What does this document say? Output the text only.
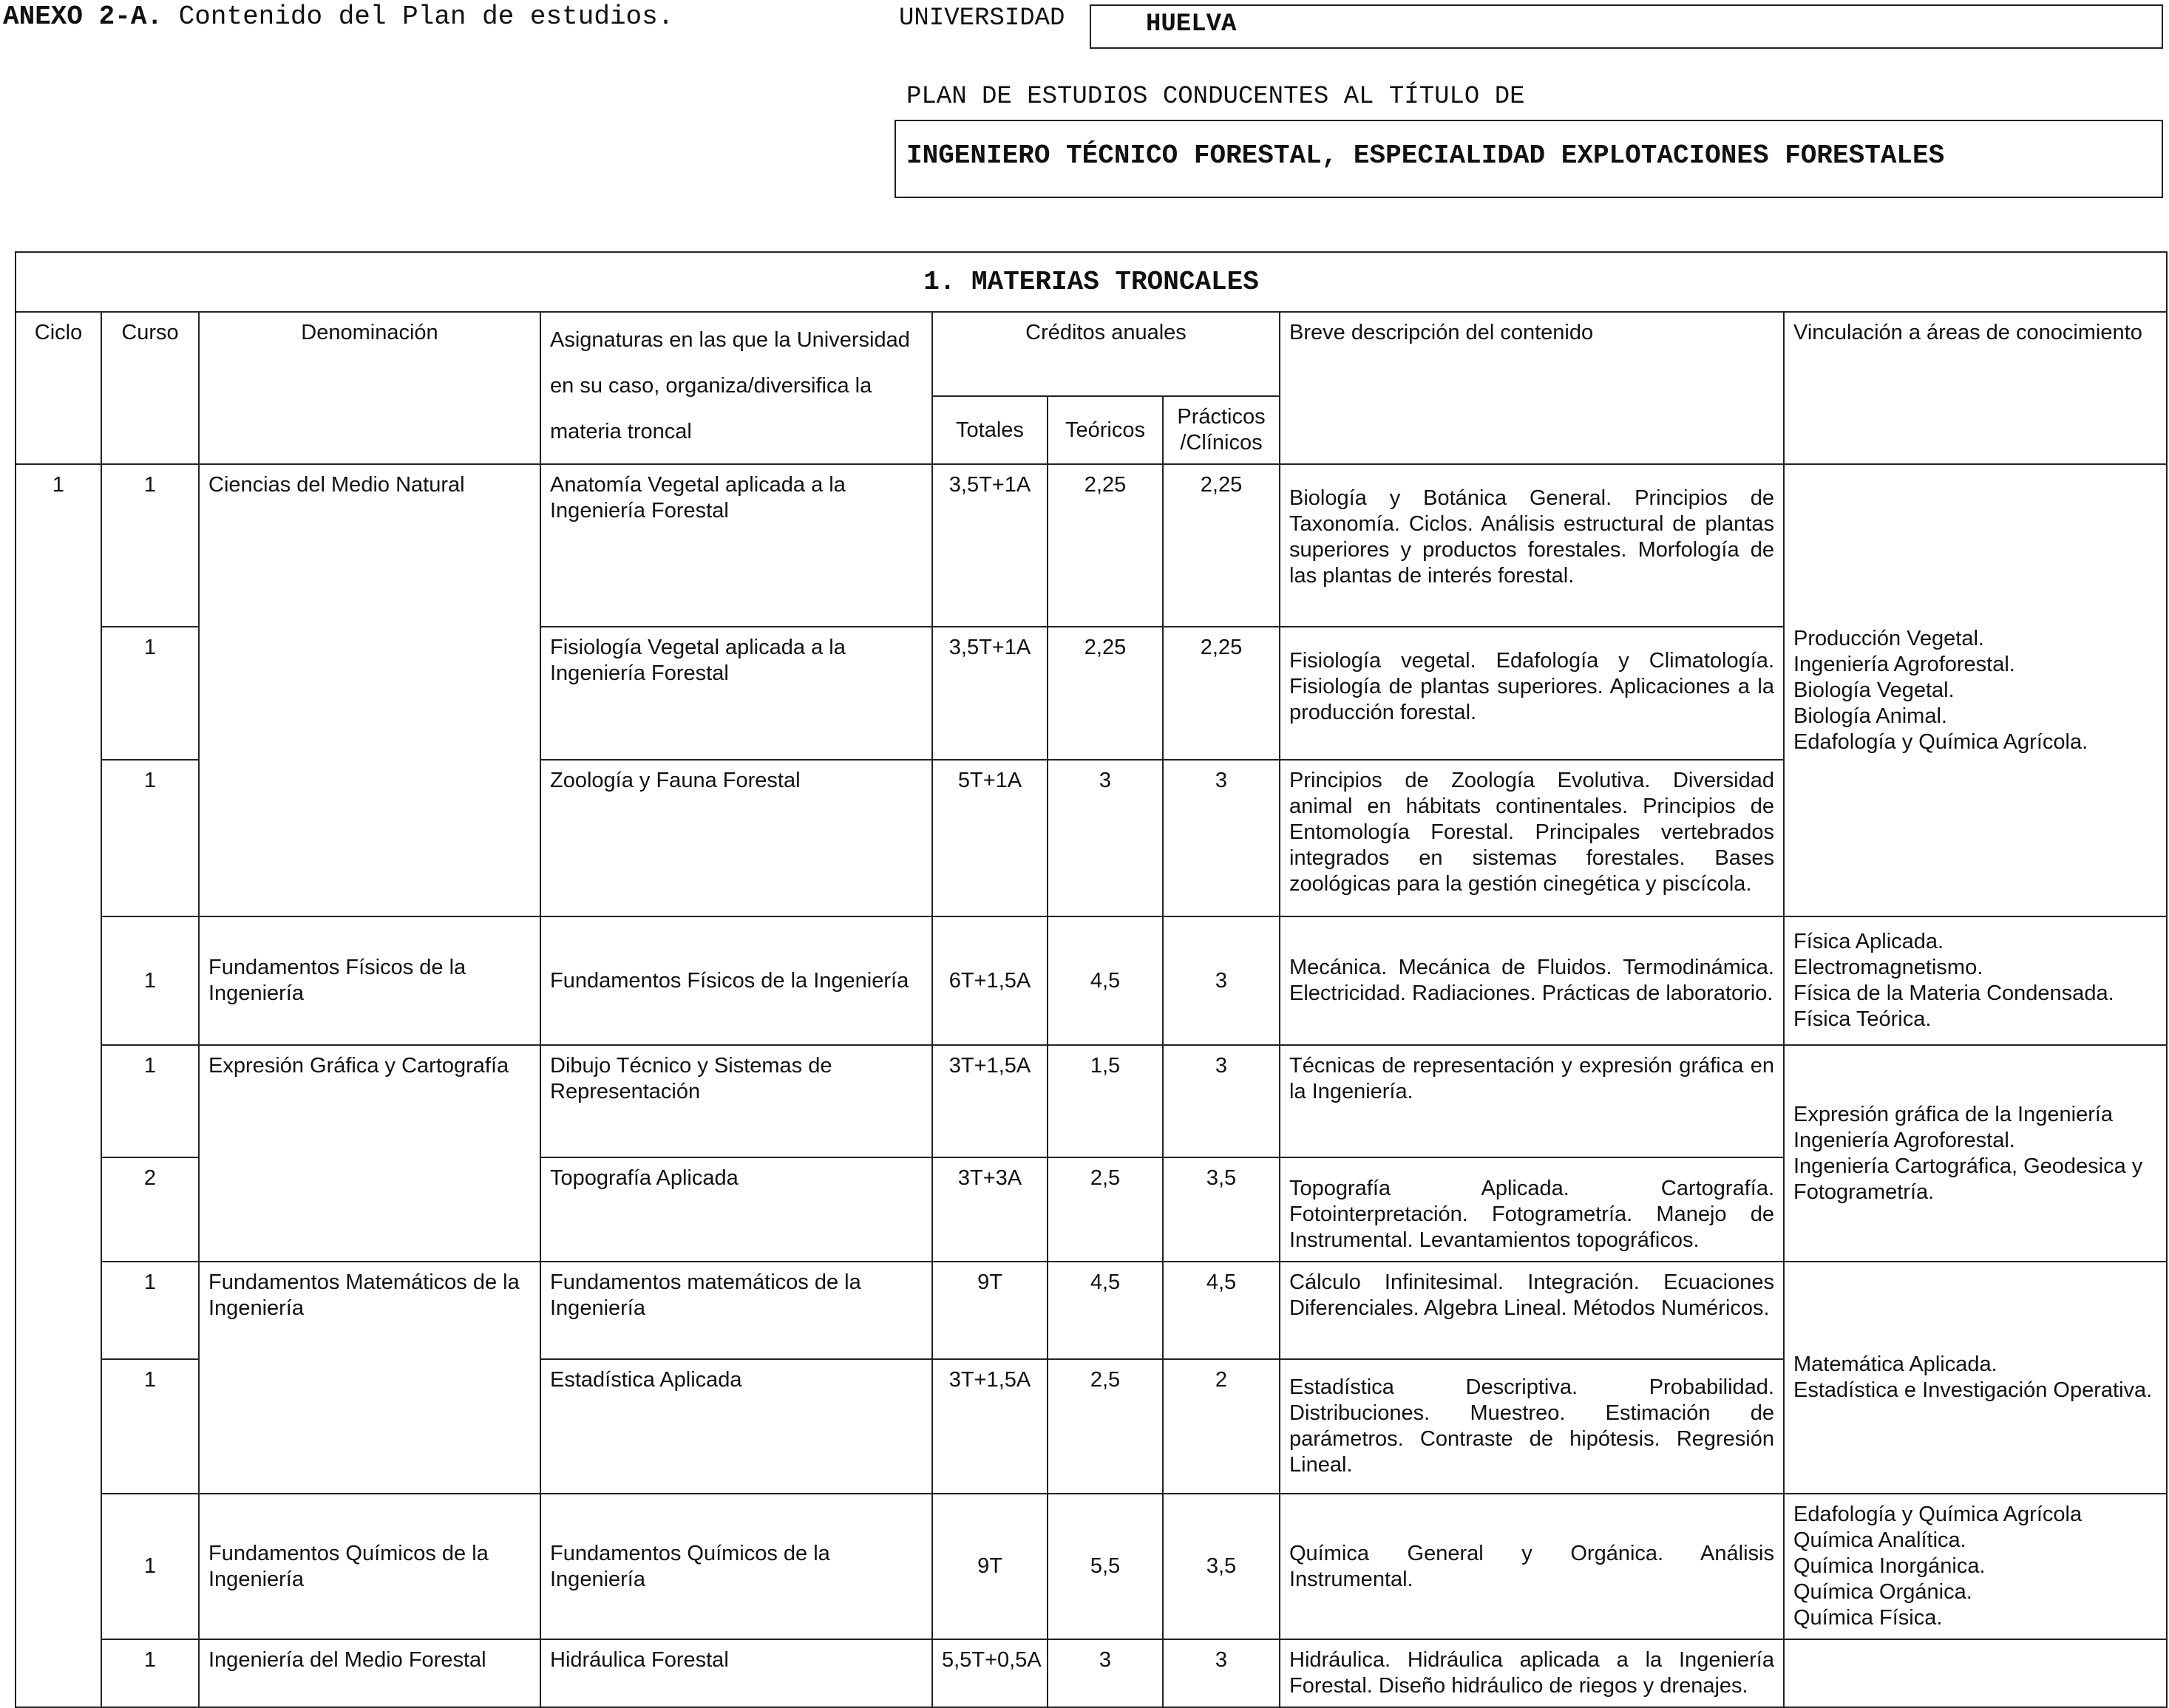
ANEXO 2-A. Contenido del Plan de estudios.	UNIVERSIDAD	HUELVA
PLAN DE ESTUDIOS CONDUCENTES AL TÍTULO DE
INGENIERO TÉCNICO FORESTAL, ESPECIALIDAD EXPLOTACIONES FORESTALES
1. MATERIAS TRONCALES								
Ciclo	Curso	Denominación	Asignaturas en las que la Universidad en su caso, organiza/diversifica la materia troncal	Créditos anuales			Breve descripción del contenido	Vinculación a áreas de conocimiento
				Totales	Teóricos	Prácticos /Clínicos		
1	1	Ciencias del Medio Natural	Anatomía Vegetal aplicada a la Ingeniería Forestal	3,5T+1A	2,25	2,25	Biología y Botánica General. Principios de Taxonomía. Ciclos. Análisis estructural de plantas superiores y productos forestales. Morfología de las plantas de interés forestal.	Producción Vegetal.
Ingeniería Agroforestal.
Biología Vegetal.
Biología Animal.
Edafología y Química Agrícola.

	1		Fisiología Vegetal aplicada a la Ingeniería Forestal	3,5T+1A	2,25	2,25	Fisiología vegetal. Edafología y Climatología. Fisiología de plantas superiores. Aplicaciones a la producción forestal.	
	1		Zoología y Fauna Forestal	5T+1A	3	3	Principios de Zoología Evolutiva. Diversidad animal en hábitats continentales. Principios de Entomología Forestal. Principales vertebrados integrados en sistemas forestales. Bases zoológicas para la gestión cinegética y piscícola.	
	1	Fundamentos Físicos de la Ingeniería	Fundamentos Físicos de la Ingeniería	6T+1,5A	4,5	3	Mecánica. Mecánica de Fluidos. Termodinámica. Electricidad. Radiaciones. Prácticas de laboratorio.	Física Aplicada.
Electromagnetismo.
Física de la Materia Condensada.
Física Teórica.

	1	Expresión Gráfica y Cartografía	Dibujo Técnico y Sistemas de Representación	3T+1,5A	1,5	3	Técnicas de representación y expresión gráfica en la Ingeniería.	Expresión gráfica de la Ingeniería
Ingeniería Agroforestal.
Ingeniería Cartográfica, Geodesica y Fotogrametría.

	2		Topografía Aplicada	3T+3A	2,5	3,5	Topografía Aplicada. Cartografía. Fotointerpretación. Fotogrametría. Manejo de Instrumental. Levantamientos topográficos.	
	1	Fundamentos Matemáticos de la Ingeniería	Fundamentos matemáticos de la Ingeniería	9T	4,5	4,5	Cálculo Infinitesimal. Integración. Ecuaciones Diferenciales. Algebra Lineal. Métodos Numéricos.	Matemática Aplicada.
Estadística e Investigación Operativa.

	1		Estadística Aplicada	3T+1,5A	2,5	2	Estadística Descriptiva. Probabilidad. Distribuciones. Muestreo. Estimación de parámetros. Contraste de hipótesis. Regresión Lineal.	
	1	Fundamentos Químicos de la Ingeniería	Fundamentos Químicos de la Ingeniería	9T	5,5	3,5	Química General y Orgánica. Análisis Instrumental.	Edafología y Química Agrícola
Química Analítica.
Química Inorgánica.
Química Orgánica.
Química Física.

	1	Ingeniería del Medio Forestal	Hidráulica Forestal	5,5T+0,5A	3	3	Hidráulica. Hidráulica aplicada a la Ingeniería Forestal. Diseño hidráulico de riegos y drenajes.	
